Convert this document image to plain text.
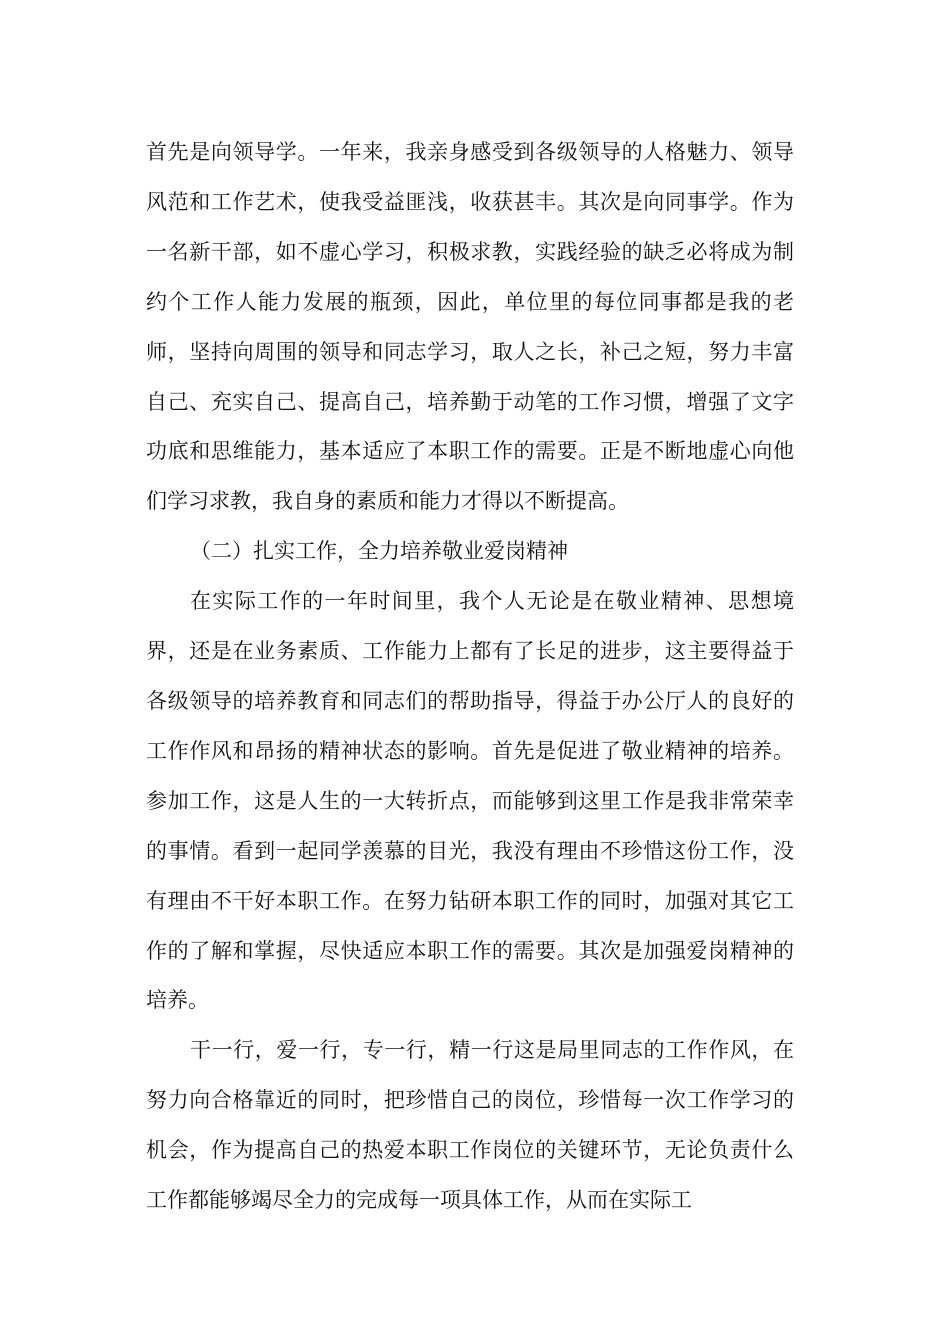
首先是向领导学。一年来，我亲身感受到各级领导的人格魅力、领导风范和工作艺术，使我受益匪浅，收获甚丰。其次是向同事学。作为一名新干部，如不虚心学习，积极求教，实践经验的缺乏必将成为制约个工作人能力发展的瓶颈，因此，单位里的每位同事都是我的老师，坚持向周围的领导和同志学习，取人之长，补己之短，努力丰富自己、充实自己、提高自己，培养勤于动笔的工作习惯，增强了文字功底和思维能力，基本适应了本职工作的需要。正是不断地虚心向他们学习求教，我自身的素质和能力才得以不断提高。

（二）扎实工作，全力培养敬业爱岗精神

在实际工作的一年时间里，我个人无论是在敬业精神、思想境界，还是在业务素质、工作能力上都有了长足的进步，这主要得益于各级领导的培养教育和同志们的帮助指导，得益于办公厅人的良好的工作作风和昂扬的精神状态的影响。首先是促进了敬业精神的培养。参加工作，这是人生的一大转折点，而能够到这里工作是我非常荣幸的事情。看到一起同学羡慕的目光，我没有理由不珍惜这份工作，没有理由不干好本职工作。在努力钻研本职工作的同时，加强对其它工作的了解和掌握，尽快适应本职工作的需要。其次是加强爱岗精神的培养。

干一行，爱一行，专一行，精一行这是局里同志的工作作风，在努力向合格靠近的同时，把珍惜自己的岗位，珍惜每一次工作学习的机会，作为提高自己的热爱本职工作岗位的关键环节，无论负责什么工作都能够竭尽全力的完成每一项具体工作，从而在实际工
